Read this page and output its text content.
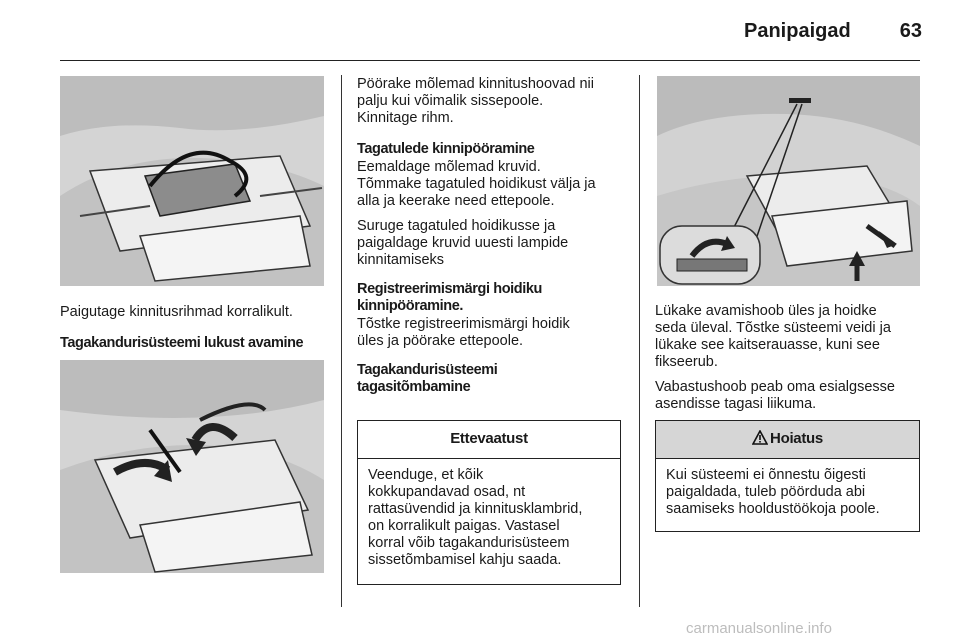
Panipaigad	63

Paigutage kinnitusrihmad korralikult.

Tagakandurisüsteemi lukust avamine

Pöörake mõlemad kinnitushoovad nii
palju kui võimalik sissepoole.
Kinnitage rihm.

Tagatulede kinnipööramine

Eemaldage mõlemad kruvid.
Tõmmake tagatuled hoidikust välja ja
alla ja keerake need ettepoole.

Suruge tagatuled hoidikusse ja
paigaldage kruvid uuesti lampide
kinnitamiseks

Registreerimismärgi hoidiku
kinnipööramine.

Tõstke registreerimismärgi hoidik
üles ja pöörake ettepoole.

Tagakandurisüsteemi
tagasitõmbamine
Ettevaatust
Veenduge, et kõik
kokkupandavad osad, nt
rattasüvendid ja kinnitusklambrid,
on korralikult paigas. Vastasel
korral võib tagakandurisüsteem
sissetõmbamisel kahju saada.

Lükake avamishoob üles ja hoidke
seda üleval. Tõstke süsteemi veidi ja
lükake see kaitserauasse, kuni see
fikseerub.

Vabastushoob peab oma esialgsesse
asendisse tagasi liikuma.

Hoiatus
Kui süsteemi ei õnnestu õigesti
paigaldada, tuleb pöörduda abi
saamiseks hooldustöökoja poole.
carmanualsonline.info
